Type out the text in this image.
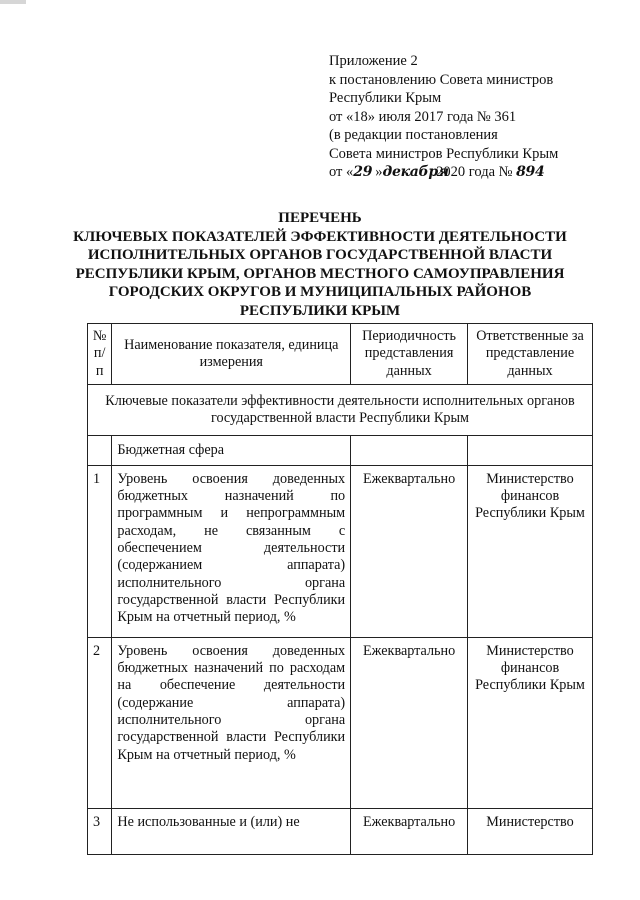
Приложение 2
к постановлению Совета министров
Республики Крым
от «18» июля 2017 года № 361
(в редакции постановления
Совета министров Республики Крым
от «29 »декабря 2020 года № 894
ПЕРЕЧЕНЬ
КЛЮЧЕВЫХ ПОКАЗАТЕЛЕЙ ЭФФЕКТИВНОСТИ ДЕЯТЕЛЬНОСТИ
ИСПОЛНИТЕЛЬНЫХ ОРГАНОВ ГОСУДАРСТВЕННОЙ ВЛАСТИ
РЕСПУБЛИКИ КРЫМ, ОРГАНОВ МЕСТНОГО САМОУПРАВЛЕНИЯ
ГОРОДСКИХ ОКРУГОВ И МУНИЦИПАЛЬНЫХ РАЙОНОВ
РЕСПУБЛИКИ КРЫМ
№ п/п	Наименование показателя, единица измерения	Периодичность представления данных	Ответственные за представление данных
Ключевые показатели эффективности деятельности исполнительных органов государственной власти Республики Крым			
	Бюджетная сфера		
1	Уровень освоения доведенных бюджетных назначений по программным и непрограммным расходам, не связанным с обеспечением деятельности (содержанием аппарата) исполнительного органа государственной власти Республики Крым на отчетный период, %	Ежеквартально	Министерство финансов Республики Крым
2	Уровень освоения доведенных бюджетных назначений по расходам на обеспечение деятельности (содержание аппарата) исполнительного органа государственной власти Республики Крым на отчетный период, %	Ежеквартально	Министерство финансов Республики Крым
3	Не использованные и (или) не	Ежеквартально	Министерство
